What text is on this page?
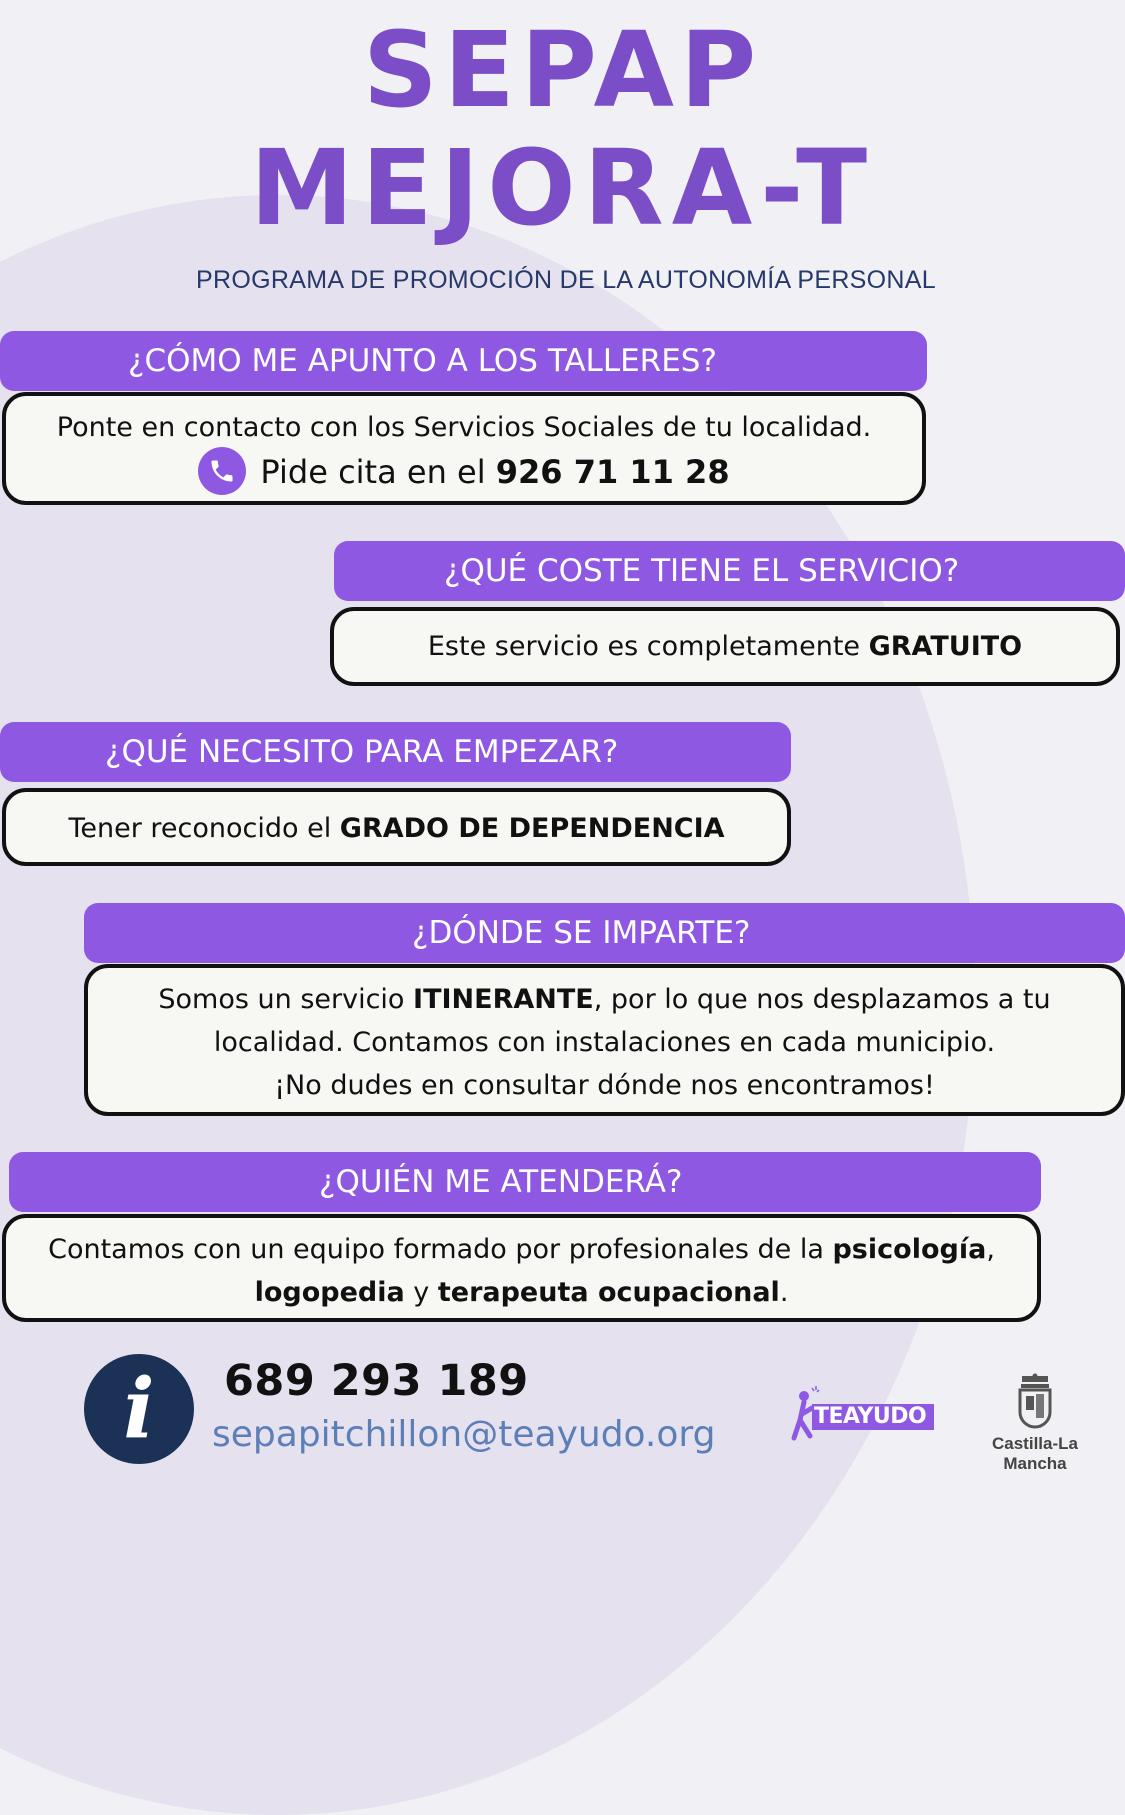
SEPAP
MEJORA-T
PROGRAMA DE PROMOCIÓN DE LA AUTONOMÍA PERSONAL
¿CÓMO ME APUNTO A LOS TALLERES?
Ponte en contacto con los Servicios Sociales de tu localidad.
Pide cita en el 926 71 11 28
¿QUÉ COSTE TIENE EL SERVICIO?
Este servicio es completamente GRATUITO
¿QUÉ NECESITO PARA EMPEZAR?
Tener reconocido el GRADO DE DEPENDENCIA
¿DÓNDE SE IMPARTE?
Somos un servicio ITINERANTE, por lo que nos desplazamos a tu
localidad. Contamos con instalaciones en cada municipio.
¡No dudes en consultar dónde nos encontramos!
¿QUIÉN ME ATENDERÁ?
Contamos con un equipo formado por profesionales de la psicología,
logopedia y terapeuta ocupacional.
i	689 293 189
sepapitchillon@teayudo.org	TEAYUDO
Castilla-La Mancha
